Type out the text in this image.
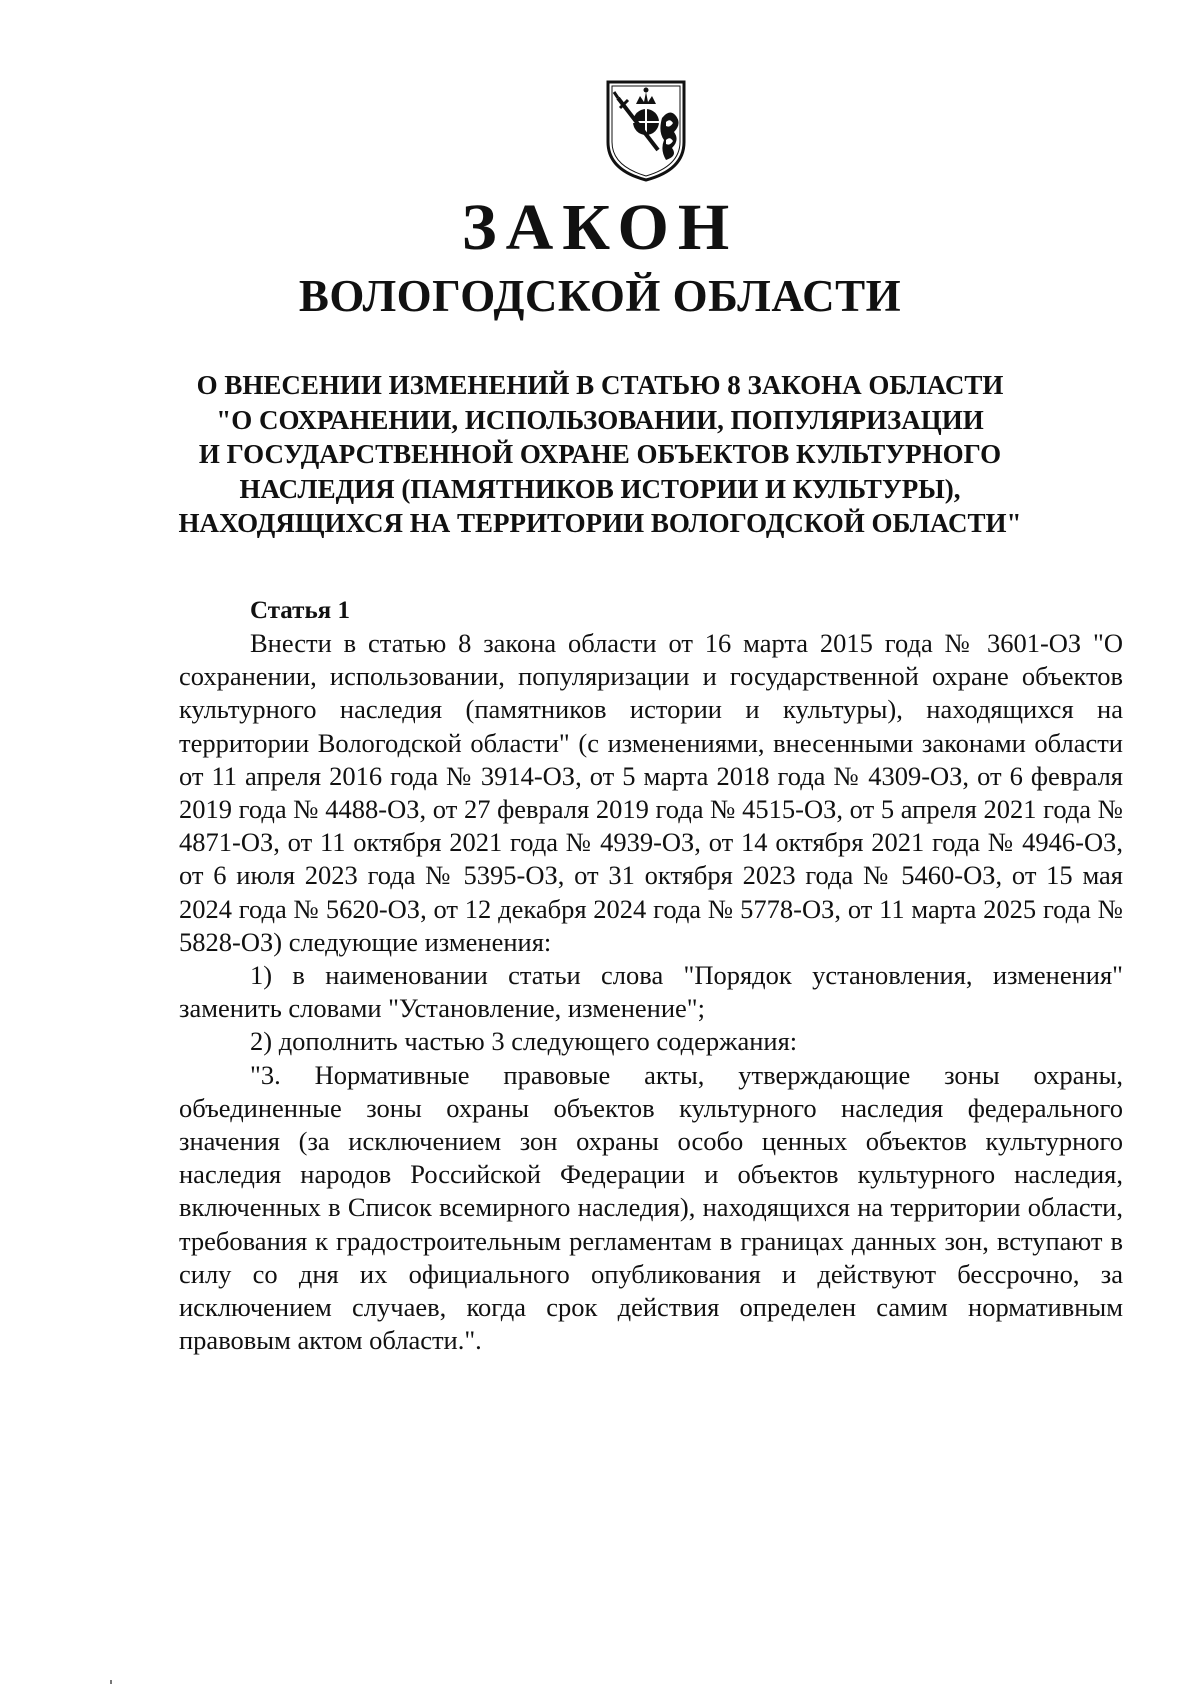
ЗАКОН
ВОЛОГОДСКОЙ ОБЛАСТИ
О ВНЕСЕНИИ ИЗМЕНЕНИЙ В СТАТЬЮ 8 ЗАКОНА ОБЛАСТИ
"О СОХРАНЕНИИ, ИСПОЛЬЗОВАНИИ, ПОПУЛЯРИЗАЦИИ
И ГОСУДАРСТВЕННОЙ ОХРАНЕ ОБЪЕКТОВ КУЛЬТУРНОГО
НАСЛЕДИЯ (ПАМЯТНИКОВ ИСТОРИИ И КУЛЬТУРЫ),
НАХОДЯЩИХСЯ НА ТЕРРИТОРИИ ВОЛОГОДСКОЙ ОБЛАСТИ"
Статья 1

Внести в статью 8 закона области от 16 марта 2015 года № 3601-ОЗ "О сохранении, использовании, популяризации и государственной охране объектов культурного наследия (памятников истории и культуры), находящихся на территории Вологодской области" (с изменениями, внесенными законами области от 11 апреля 2016 года № 3914-ОЗ, от 5 марта 2018 года № 4309-ОЗ, от 6 февраля 2019 года № 4488-ОЗ, от 27 февраля 2019 года № 4515-ОЗ, от 5 апреля 2021 года № 4871-ОЗ, от 11 октября 2021 года № 4939-ОЗ, от 14 октября 2021 года № 4946-ОЗ, от 6 июля 2023 года № 5395-ОЗ, от 31 октября 2023 года № 5460-ОЗ, от 15 мая 2024 года № 5620-ОЗ, от 12 декабря 2024 года № 5778-ОЗ, от 11 марта 2025 года № 5828-ОЗ) следующие изменения:

1) в наименовании статьи слова "Порядок установления, изменения" заменить словами "Установление, изменение";

2) дополнить частью 3 следующего содержания:

"3. Нормативные правовые акты, утверждающие зоны охраны, объединенные зоны охраны объектов культурного наследия федерального значения (за исключением зон охраны особо ценных объектов культурного наследия народов Российской Федерации и объектов культурного наследия, включенных в Список всемирного наследия), находящихся на территории области, требования к градостроительным регламентам в границах данных зон, вступают в силу со дня их официального опубликования и действуют бессрочно, за исключением случаев, когда срок действия определен самим нормативным правовым актом области.".
